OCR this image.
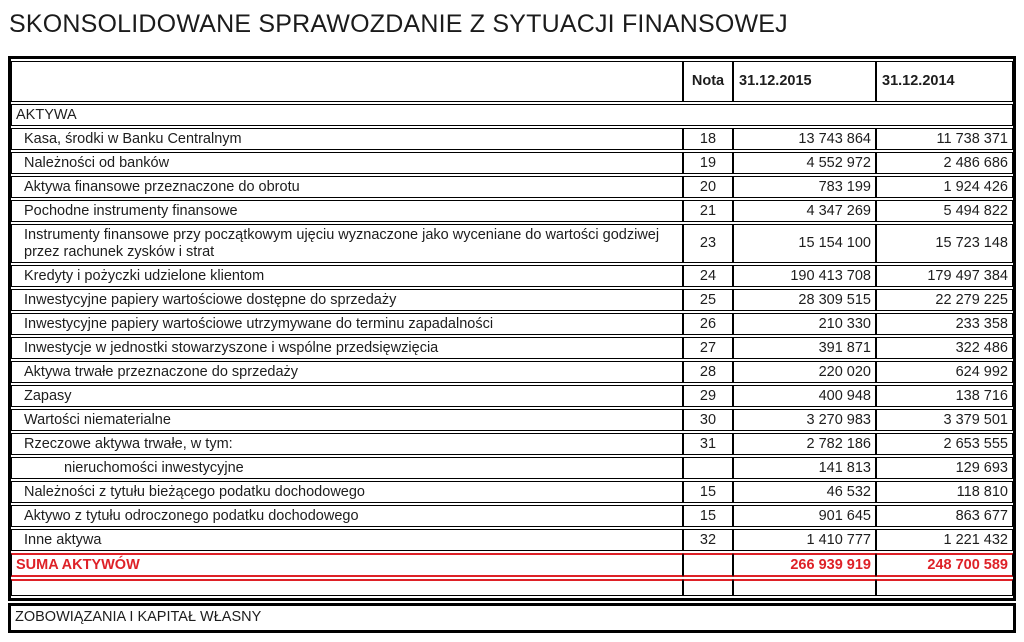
SKONSOLIDOWANE SPRAWOZDANIE Z SYTUACJI FINANSOWEJ
	Nota	31.12.2015	31.12.2014
AKTYWA			
Kasa, środki w Banku Centralnym	18	13 743 864	11 738 371
Należności od banków	19	4 552 972	2 486 686
Aktywa finansowe przeznaczone do obrotu	20	783 199	1 924 426
Pochodne instrumenty finansowe	21	4 347 269	5 494 822
Instrumenty finansowe przy początkowym ujęciu wyznaczone jako wyceniane do wartości godziwej przez rachunek zysków i strat	23	15 154 100	15 723 148
Kredyty i pożyczki udzielone klientom	24	190 413 708	179 497 384
Inwestycyjne papiery wartościowe dostępne do sprzedaży	25	28 309 515	22 279 225
Inwestycyjne papiery wartościowe utrzymywane do terminu zapadalności	26	210 330	233 358
Inwestycje w jednostki stowarzyszone i wspólne przedsięwzięcia	27	391 871	322 486
Aktywa trwałe przeznaczone do sprzedaży	28	220 020	624 992
Zapasy	29	400 948	138 716
Wartości niematerialne	30	3 270 983	3 379 501
Rzeczowe aktywa trwałe, w tym:	31	2 782 186	2 653 555
nieruchomości inwestycyjne		141 813	129 693
Należności z tytułu bieżącego podatku dochodowego	15	46 532	118 810
Aktywo z tytułu odroczonego podatku dochodowego	15	901 645	863 677
Inne aktywa	32	1 410 777	1 221 432
SUMA AKTYWÓW		266 939 919	248 700 589

ZOBOWIĄZANIA I KAPITAŁ WŁASNY
